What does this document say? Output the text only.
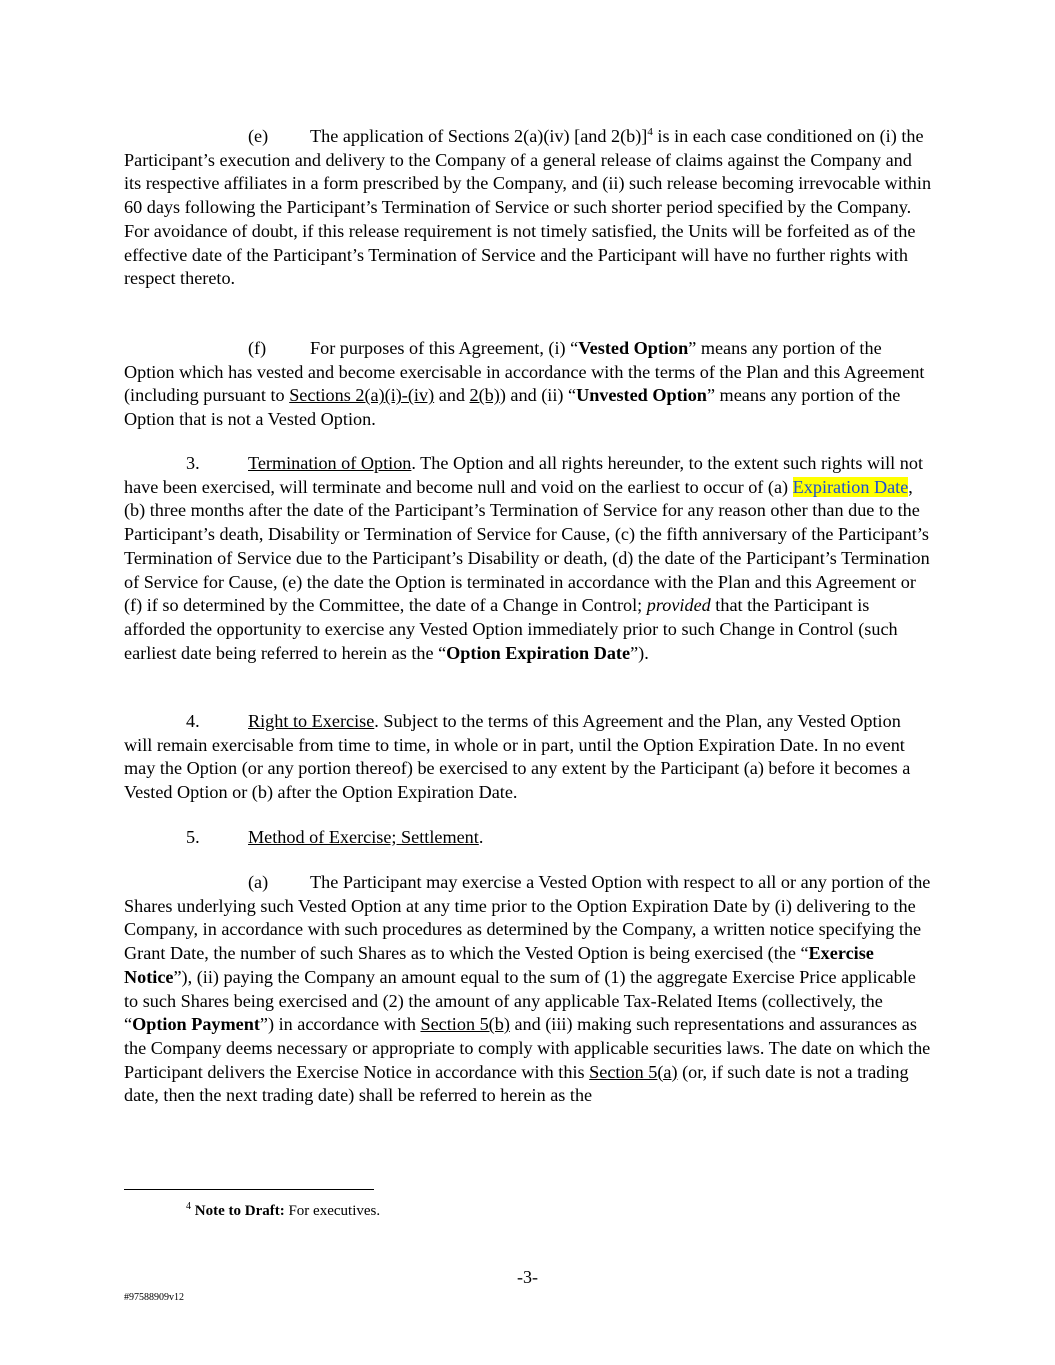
(e) The application of Sections 2(a)(iv) [and 2(b)]$^4$ is in each case conditioned on (i) the Participant’s execution and delivery to the Company of a general release of claims against the Company and its respective affiliates in a form prescribed by the Company, and (ii) such release becoming irrevocable within 60 days following the Participant’s Termination of Service or such shorter period specified by the Company. For avoidance of doubt, if this release requirement is not timely satisfied, the Units will be forfeited as of the effective date of the Participant’s Termination of Service and the Participant will have no further rights with respect thereto.

(f) For purposes of this Agreement, (i) “Vested Option” means any portion of the Option which has vested and become exercisable in accordance with the terms of the Plan and this Agreement (including pursuant to Sections 2(a)(i)-(iv) and 2(b)) and (ii) “Unvested Option” means any portion of the Option that is not a Vested Option.

3.	Termination of Option. The Option and all rights hereunder, to the extent such rights will not have been exercised, will terminate and become null and void on the earliest to occur of (a) Expiration Date, (b) three months after the date of the Participant’s Termination of Service for any reason other than due to the Participant’s death, Disability or Termination of Service for Cause, (c) the fifth anniversary of the Participant’s Termination of Service due to the Participant’s Disability or death, (d) the date of the Participant’s Termination of Service for Cause, (e) the date the Option is terminated in accordance with the Plan and this Agreement or (f) if so determined by the Committee, the date of a Change in Control; provided that the Participant is afforded the opportunity to exercise any Vested Option immediately prior to such Change in Control (such earliest date being referred to herein as the “Option Expiration Date”).

4.	Right to Exercise. Subject to the terms of this Agreement and the Plan, any Vested Option will remain exercisable from time to time, in whole or in part, until the Option Expiration Date. In no event may the Option (or any portion thereof) be exercised to any extent by the Participant (a) before it becomes a Vested Option or (b) after the Option Expiration Date.

5.	Method of Exercise; Settlement.

(a) The Participant may exercise a Vested Option with respect to all or any portion of the Shares underlying such Vested Option at any time prior to the Option Expiration Date by (i) delivering to the Company, in accordance with such procedures as determined by the Company, a written notice specifying the Grant Date, the number of such Shares as to which the Vested Option is being exercised (the “Exercise Notice”), (ii) paying the Company an amount equal to the sum of (1) the aggregate Exercise Price applicable to such Shares being exercised and (2) the amount of any applicable Tax-Related Items (collectively, the “Option Payment”) in accordance with Section 5(b) and (iii) making such representations and assurances as the Company deems necessary or appropriate to comply with applicable securities laws. The date on which the Participant delivers the Exercise Notice in accordance with this Section 5(a) (or, if such date is not a trading date, then the next trading date) shall be referred to herein as the

$^4$ Note to Draft: For executives.
-3-
#97588909v12
